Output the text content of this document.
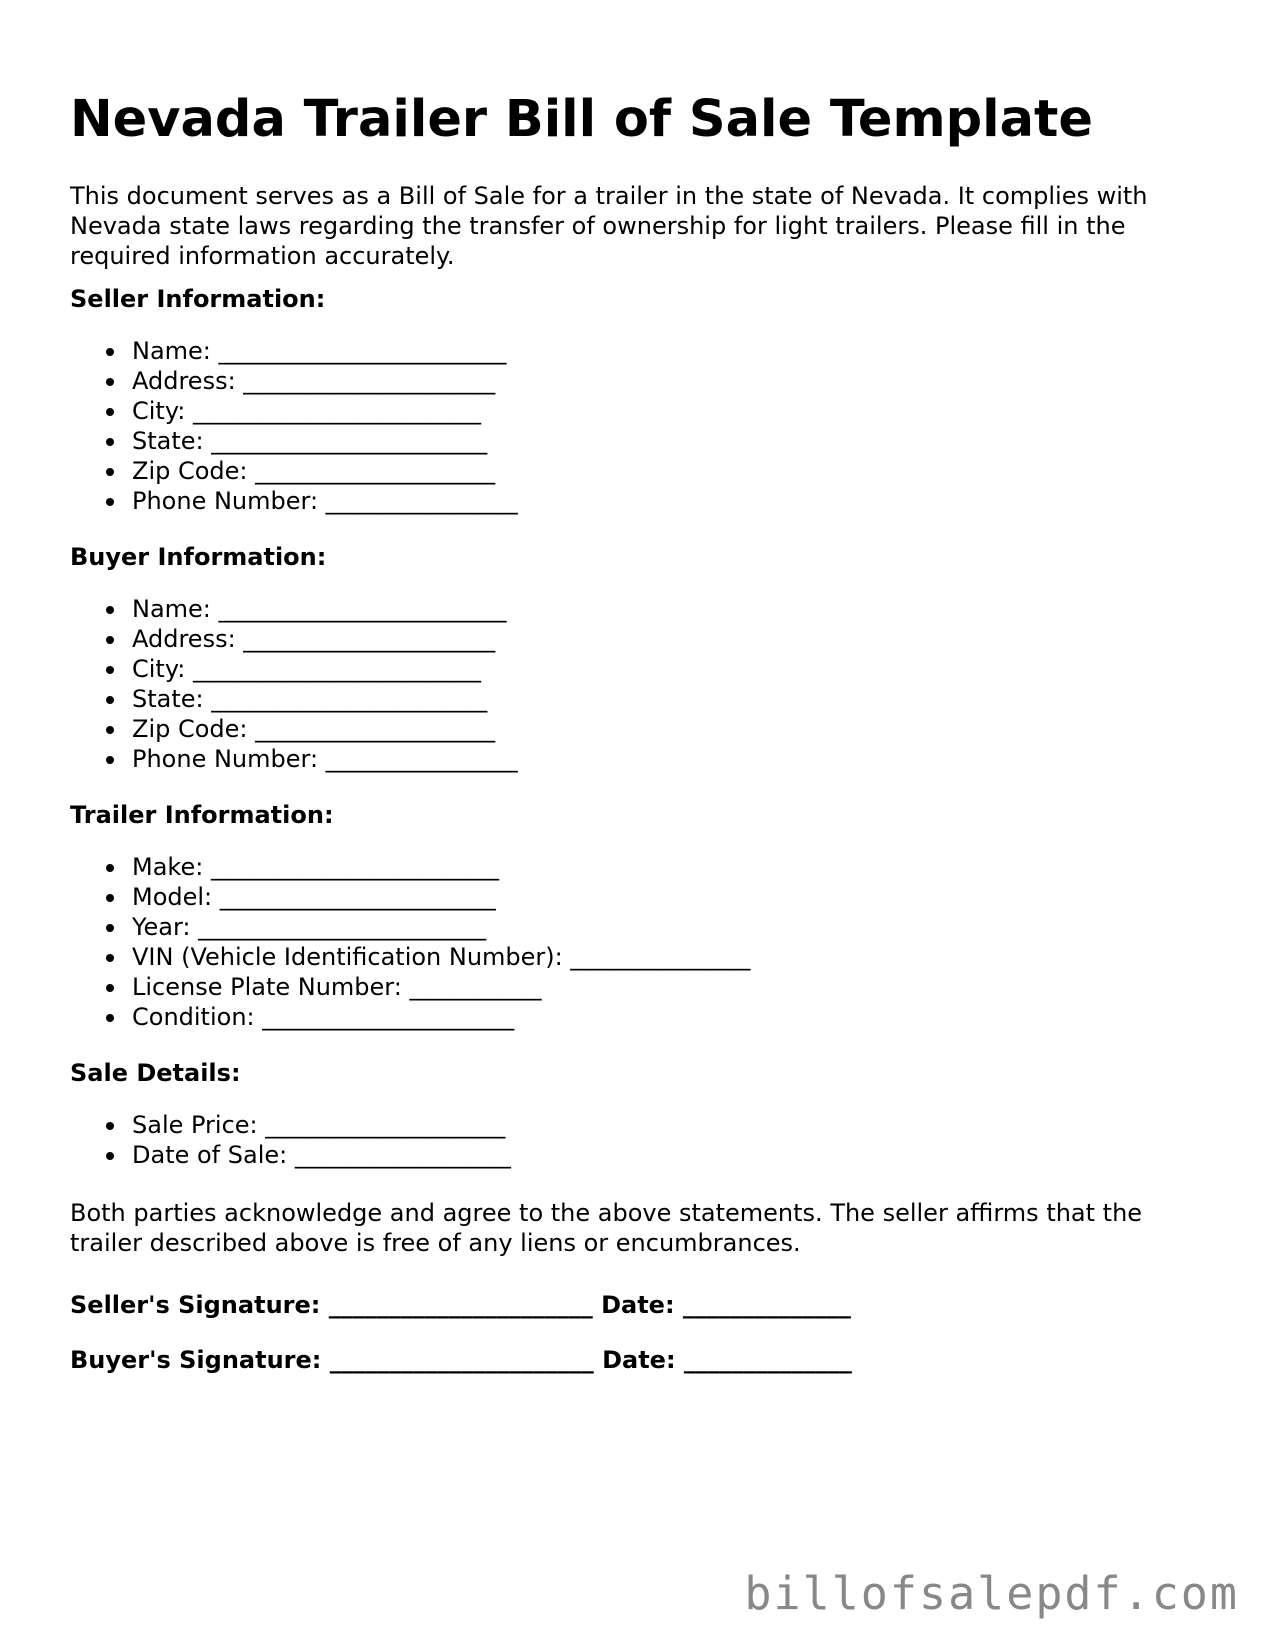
Nevada Trailer Bill of Sale Template

This document serves as a Bill of Sale for a trailer in the state of Nevada. It complies with Nevada state laws regarding the transfer of ownership for light trailers. Please fill in the required information accurately.

Seller Information:

Name: ________________________
Address: _____________________
City: ________________________
State: _______________________
Zip Code: ____________________
Phone Number: ________________

Buyer Information:

Name: ________________________
Address: _____________________
City: ________________________
State: _______________________
Zip Code: ____________________
Phone Number: ________________

Trailer Information:

Make: ________________________
Model: _______________________
Year: ________________________
VIN (Vehicle Identification Number): _______________
License Plate Number: ___________
Condition: _____________________

Sale Details:

Sale Price: ____________________
Date of Sale: __________________

Both parties acknowledge and agree to the above statements. The seller affirms that the trailer described above is free of any liens or encumbrances.

Seller's Signature: ______________________ Date: ______________

Buyer's Signature: ______________________ Date: ______________

billofsalepdf.com
